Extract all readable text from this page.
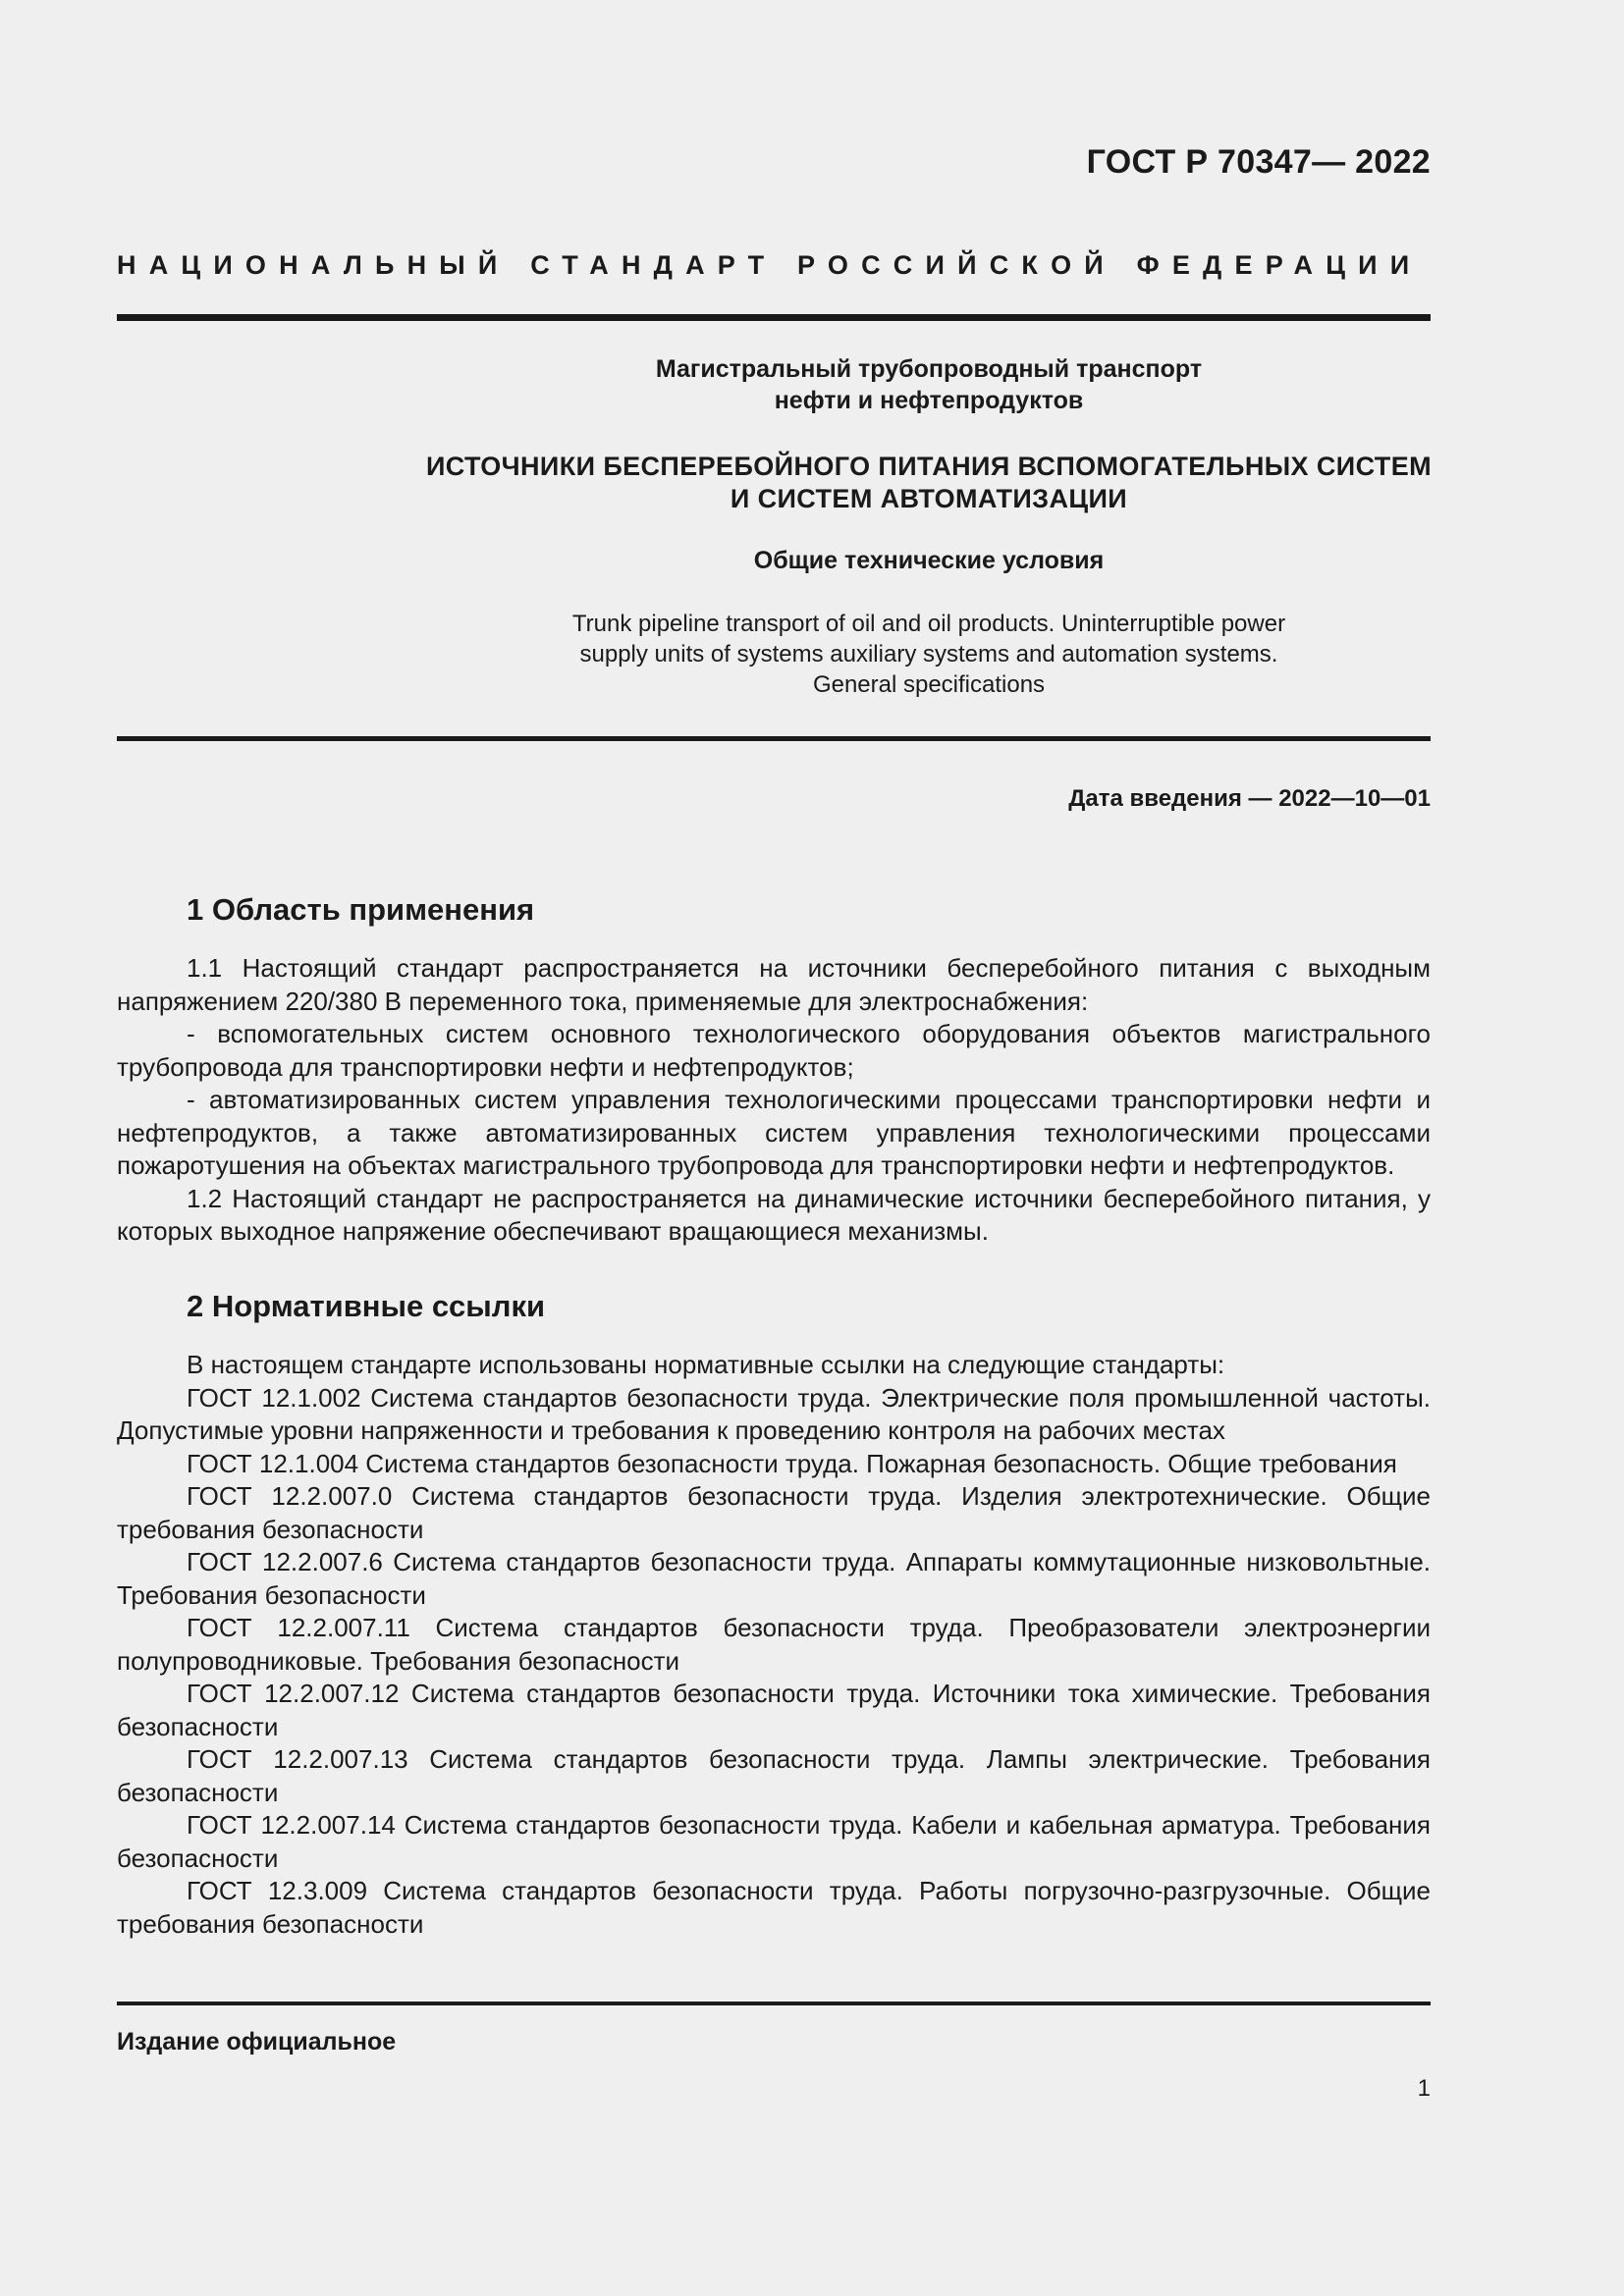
ГОСТ Р 70347— 2022
НАЦИОНАЛЬНЫЙ СТАНДАРТ РОССИЙСКОЙ ФЕДЕРАЦИИ
Магистральный трубопроводный транспорт
нефти и нефтепродуктов
ИСТОЧНИКИ БЕСПЕРЕБОЙНОГО ПИТАНИЯ ВСПОМОГАТЕЛЬНЫХ СИСТЕМ
И СИСТЕМ АВТОМАТИЗАЦИИ
Общие технические условия
Trunk pipeline transport of oil and oil products. Uninterruptible power
supply units of systems auxiliary systems and automation systems.
General specifications
Дата введения — 2022—10—01
1 Область применения

1.1 Настоящий стандарт распространяется на источники бесперебойного питания с выходным напряжением 220/380 В переменного тока, применяемые для электроснабжения:

- вспомогательных систем основного технологического оборудования объектов магистрального трубопровода для транспортировки нефти и нефтепродуктов;

- автоматизированных систем управления технологическими процессами транспортировки нефти и нефтепродуктов, а также автоматизированных систем управления технологическими процессами пожаротушения на объектах магистрального трубопровода для транспортировки нефти и нефтепродуктов.

1.2 Настоящий стандарт не распространяется на динамические источники бесперебойного питания, у которых выходное напряжение обеспечивают вращающиеся механизмы.

2 Нормативные ссылки

В настоящем стандарте использованы нормативные ссылки на следующие стандарты:

ГОСТ 12.1.002 Система стандартов безопасности труда. Электрические поля промышленной частоты. Допустимые уровни напряженности и требования к проведению контроля на рабочих местах

ГОСТ 12.1.004 Система стандартов безопасности труда. Пожарная безопасность. Общие требования

ГОСТ 12.2.007.0 Система стандартов безопасности труда. Изделия электротехнические. Общие требования безопасности

ГОСТ 12.2.007.6 Система стандартов безопасности труда. Аппараты коммутационные низковольтные. Требования безопасности

ГОСТ 12.2.007.11 Система стандартов безопасности труда. Преобразователи электроэнергии полупроводниковые. Требования безопасности

ГОСТ 12.2.007.12 Система стандартов безопасности труда. Источники тока химические. Требования безопасности

ГОСТ 12.2.007.13 Система стандартов безопасности труда. Лампы электрические. Требования безопасности

ГОСТ 12.2.007.14 Система стандартов безопасности труда. Кабели и кабельная арматура. Требования безопасности

ГОСТ 12.3.009 Система стандартов безопасности труда. Работы погрузочно-разгрузочные. Общие требования безопасности

Издание официальное
1
